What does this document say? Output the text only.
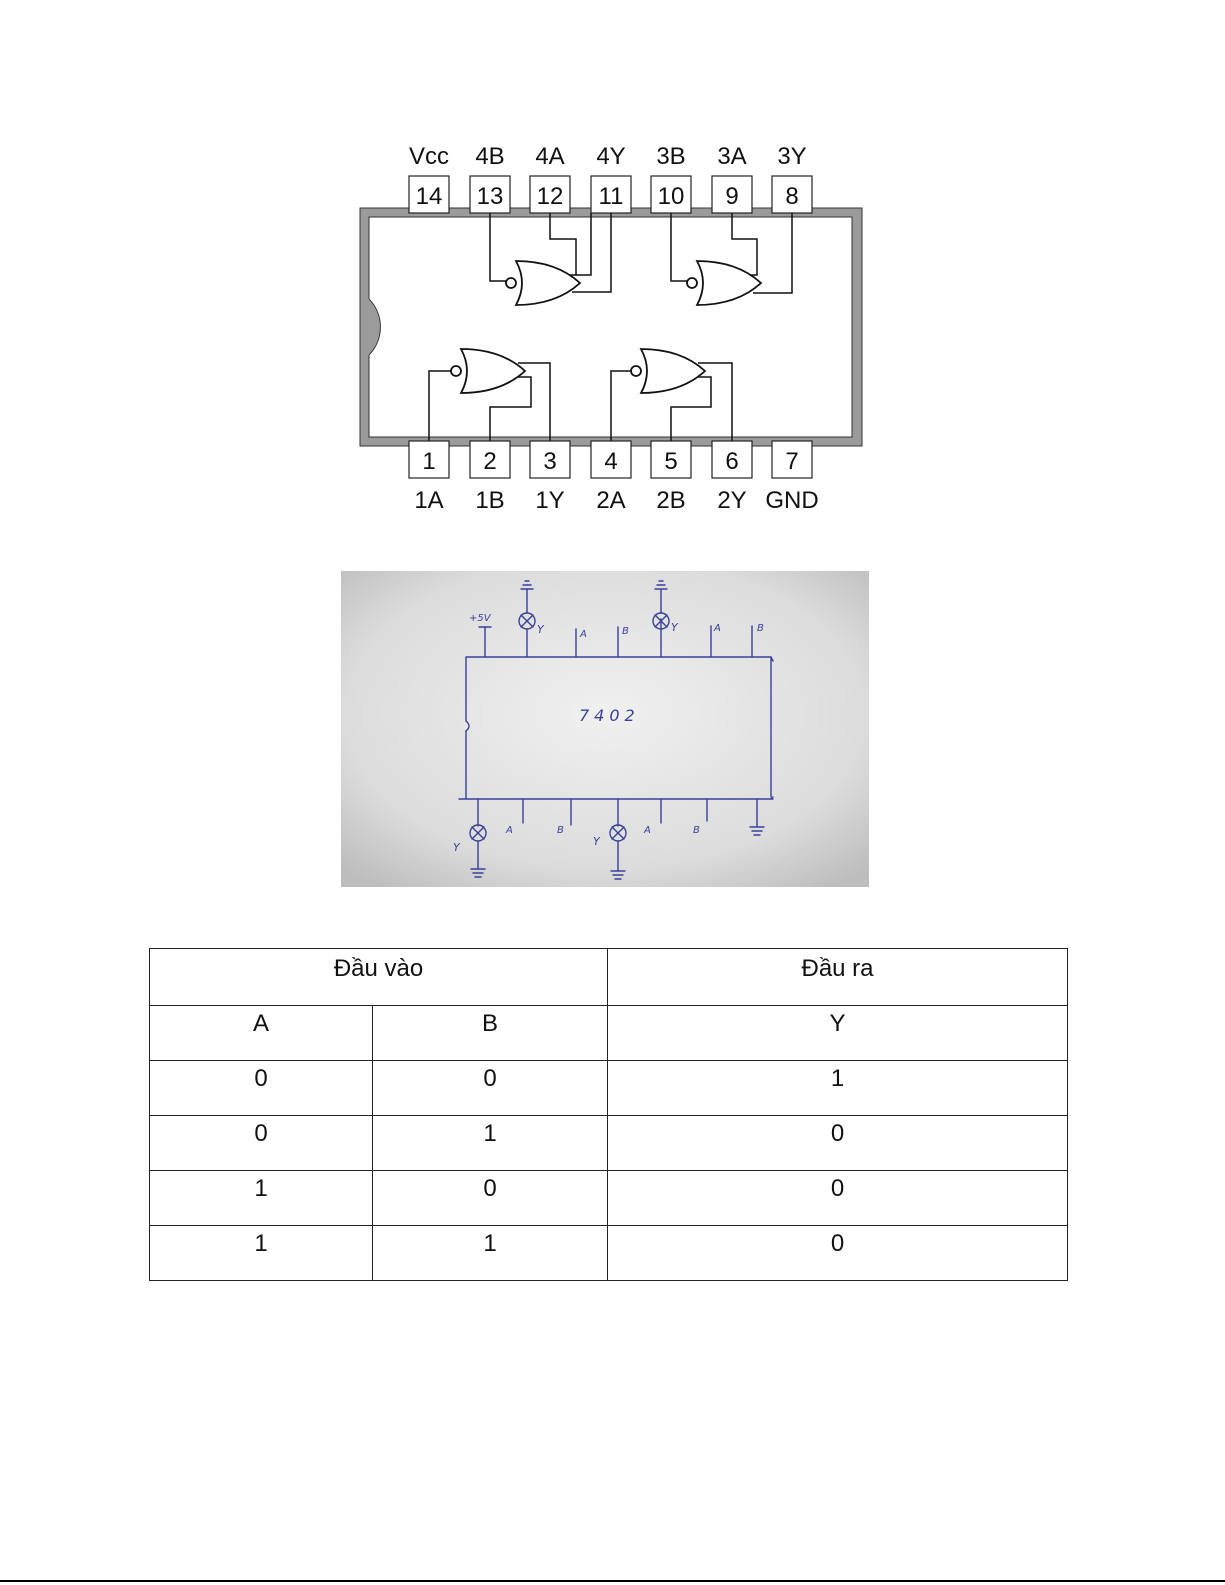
Vcc 4B 4A 4Y 3B 3A 3Y
14 13 12 11 10 9 8
1 2 3 4 5 6 7
1A 1B 1Y 2A 2B 2Y GND
7402
+5V
Y	A	B	Y	A	B
Y
A	B
Y
A	B
Đầu vào		Đầu ra
A	B	Y
0	0	1
0	1	0
1	0	0
1	1	0
